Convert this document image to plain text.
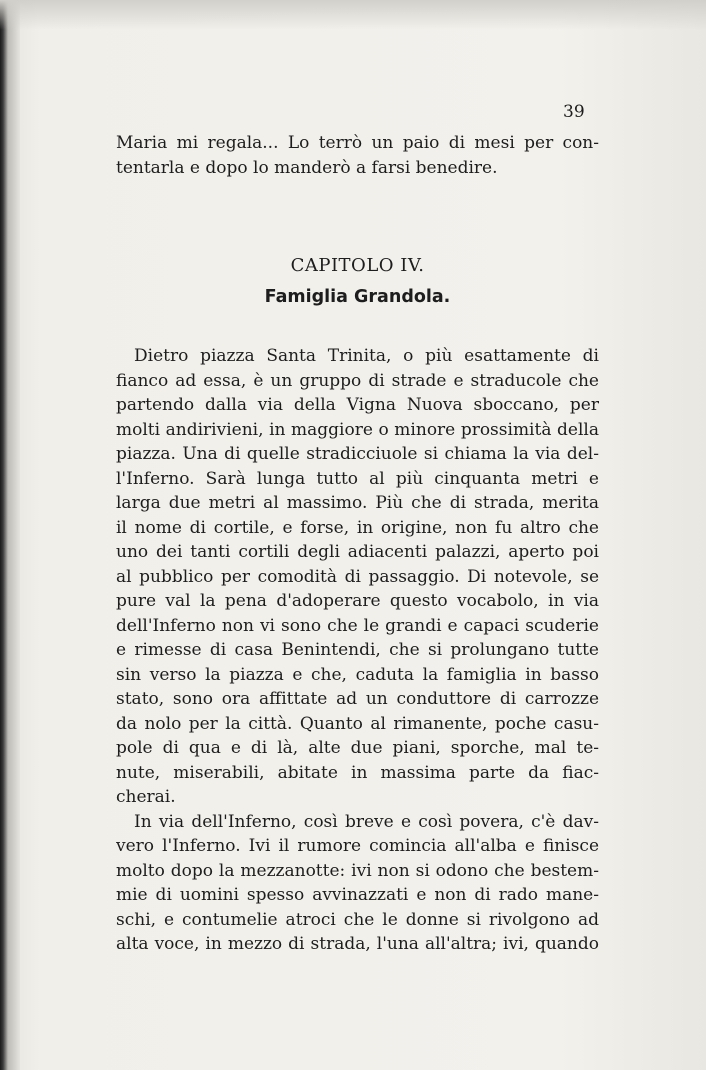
39
Maria mi regala... Lo terrò un paio di mesi per con-
tentarla e dopo lo manderò a farsi benedire.
CAPITOLO IV.
Famiglia Grandola.
Dietro piazza Santa Trinita, o più esattamente di
fianco ad essa, è un gruppo di strade e straducole che
partendo dalla via della Vigna Nuova sboccano, per
molti andirivieni, in maggiore o minore prossimità della
piazza. Una di quelle stradicciuole si chiama la via del-
l'Inferno. Sarà lunga tutto al più cinquanta metri e
larga due metri al massimo. Più che di strada, merita
il nome di cortile, e forse, in origine, non fu altro che
uno dei tanti cortili degli adiacenti palazzi, aperto poi
al pubblico per comodità di passaggio. Di notevole, se
pure val la pena d'adoperare questo vocabolo, in via
dell'Inferno non vi sono che le grandi e capaci scuderie
e rimesse di casa Benintendi, che si prolungano tutte
sin verso la piazza e che, caduta la famiglia in basso
stato, sono ora affittate ad un conduttore di carrozze
da nolo per la città. Quanto al rimanente, poche casu-
pole di qua e di là, alte due piani, sporche, mal te-
nute, miserabili, abitate in massima parte da fiac-
cherai.
In via dell'Inferno, così breve e così povera, c'è dav-
vero l'Inferno. Ivi il rumore comincia all'alba e finisce
molto dopo la mezzanotte: ivi non si odono che bestem-
mie di uomini spesso avvinazzati e non di rado mane-
schi, e contumelie atroci che le donne si rivolgono ad
alta voce, in mezzo di strada, l'una all'altra; ivi, quando
